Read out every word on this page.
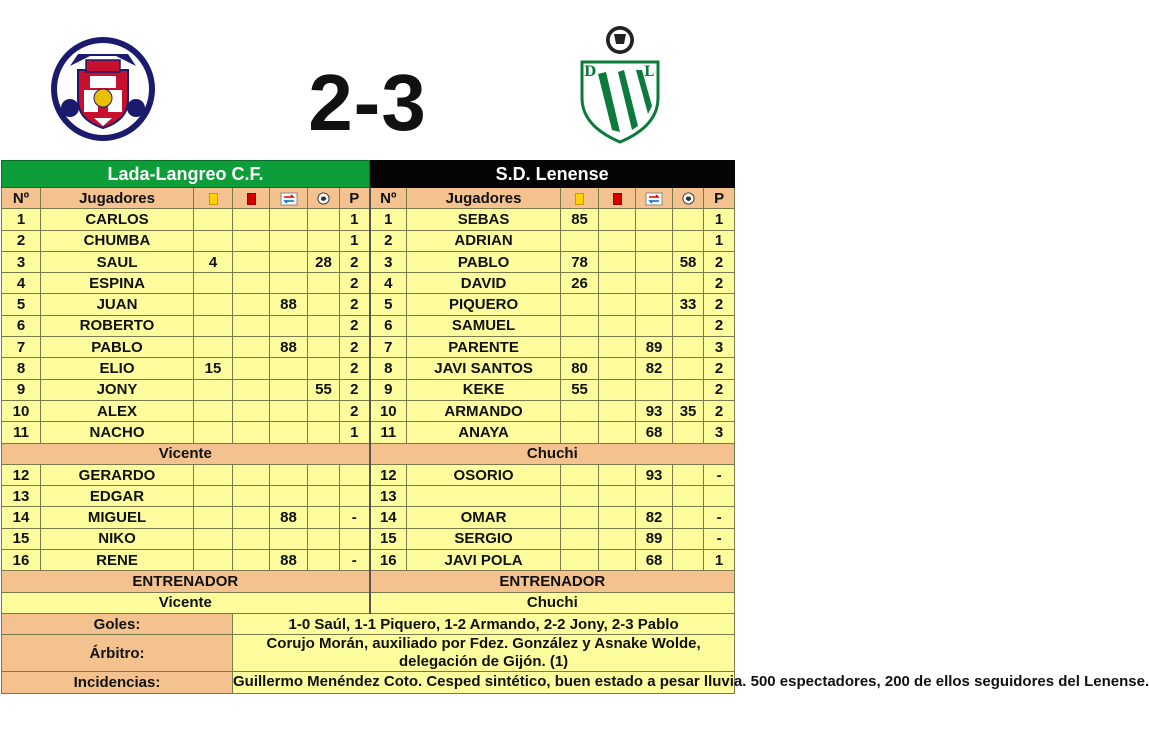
2-3	D	L
Lada-Langreo C.F.							S.D. Lenense						
Nº	Jugadores					P	Nº	Jugadores					P
1	CARLOS					1	1	SEBAS	85				1
2	CHUMBA					1	2	ADRIAN					1
3	SAUL	4			28	2	3	PABLO	78			58	2
4	ESPINA					2	4	DAVID	26				2
5	JUAN			88		2	5	PIQUERO				33	2
6	ROBERTO					2	6	SAMUEL					2
7	PABLO			88		2	7	PARENTE			89		3
8	ELIO	15				2	8	JAVI SANTOS	80		82		2
9	JONY				55	2	9	KEKE	55				2
10	ALEX					2	10	ARMANDO			93	35	2
11	NACHO					1	11	ANAYA			68		3
Vicente							Chuchi						
12	GERARDO						12	OSORIO			93		-
13	EDGAR						13						
14	MIGUEL			88		-	14	OMAR			82		-
15	NIKO						15	SERGIO			89		-
16	RENE			88		-	16	JAVI POLA			68		1
ENTRENADOR							ENTRENADOR						
Vicente							Chuchi						
Goles:			1-0 Saúl, 1-1 Piquero, 1-2 Armando, 2-2 Jony, 2-3 Pablo										
Árbitro:			Corujo Morán, auxiliado por Fdez. González y Asnake Wolde,
delegación de Gijón. (1)										

Incidencias:			Guillermo Menéndez Coto. Cesped sintético, buen estado a pesar lluvia. 500 espectadores, 200 de ellos seguidores del Lenense.										
